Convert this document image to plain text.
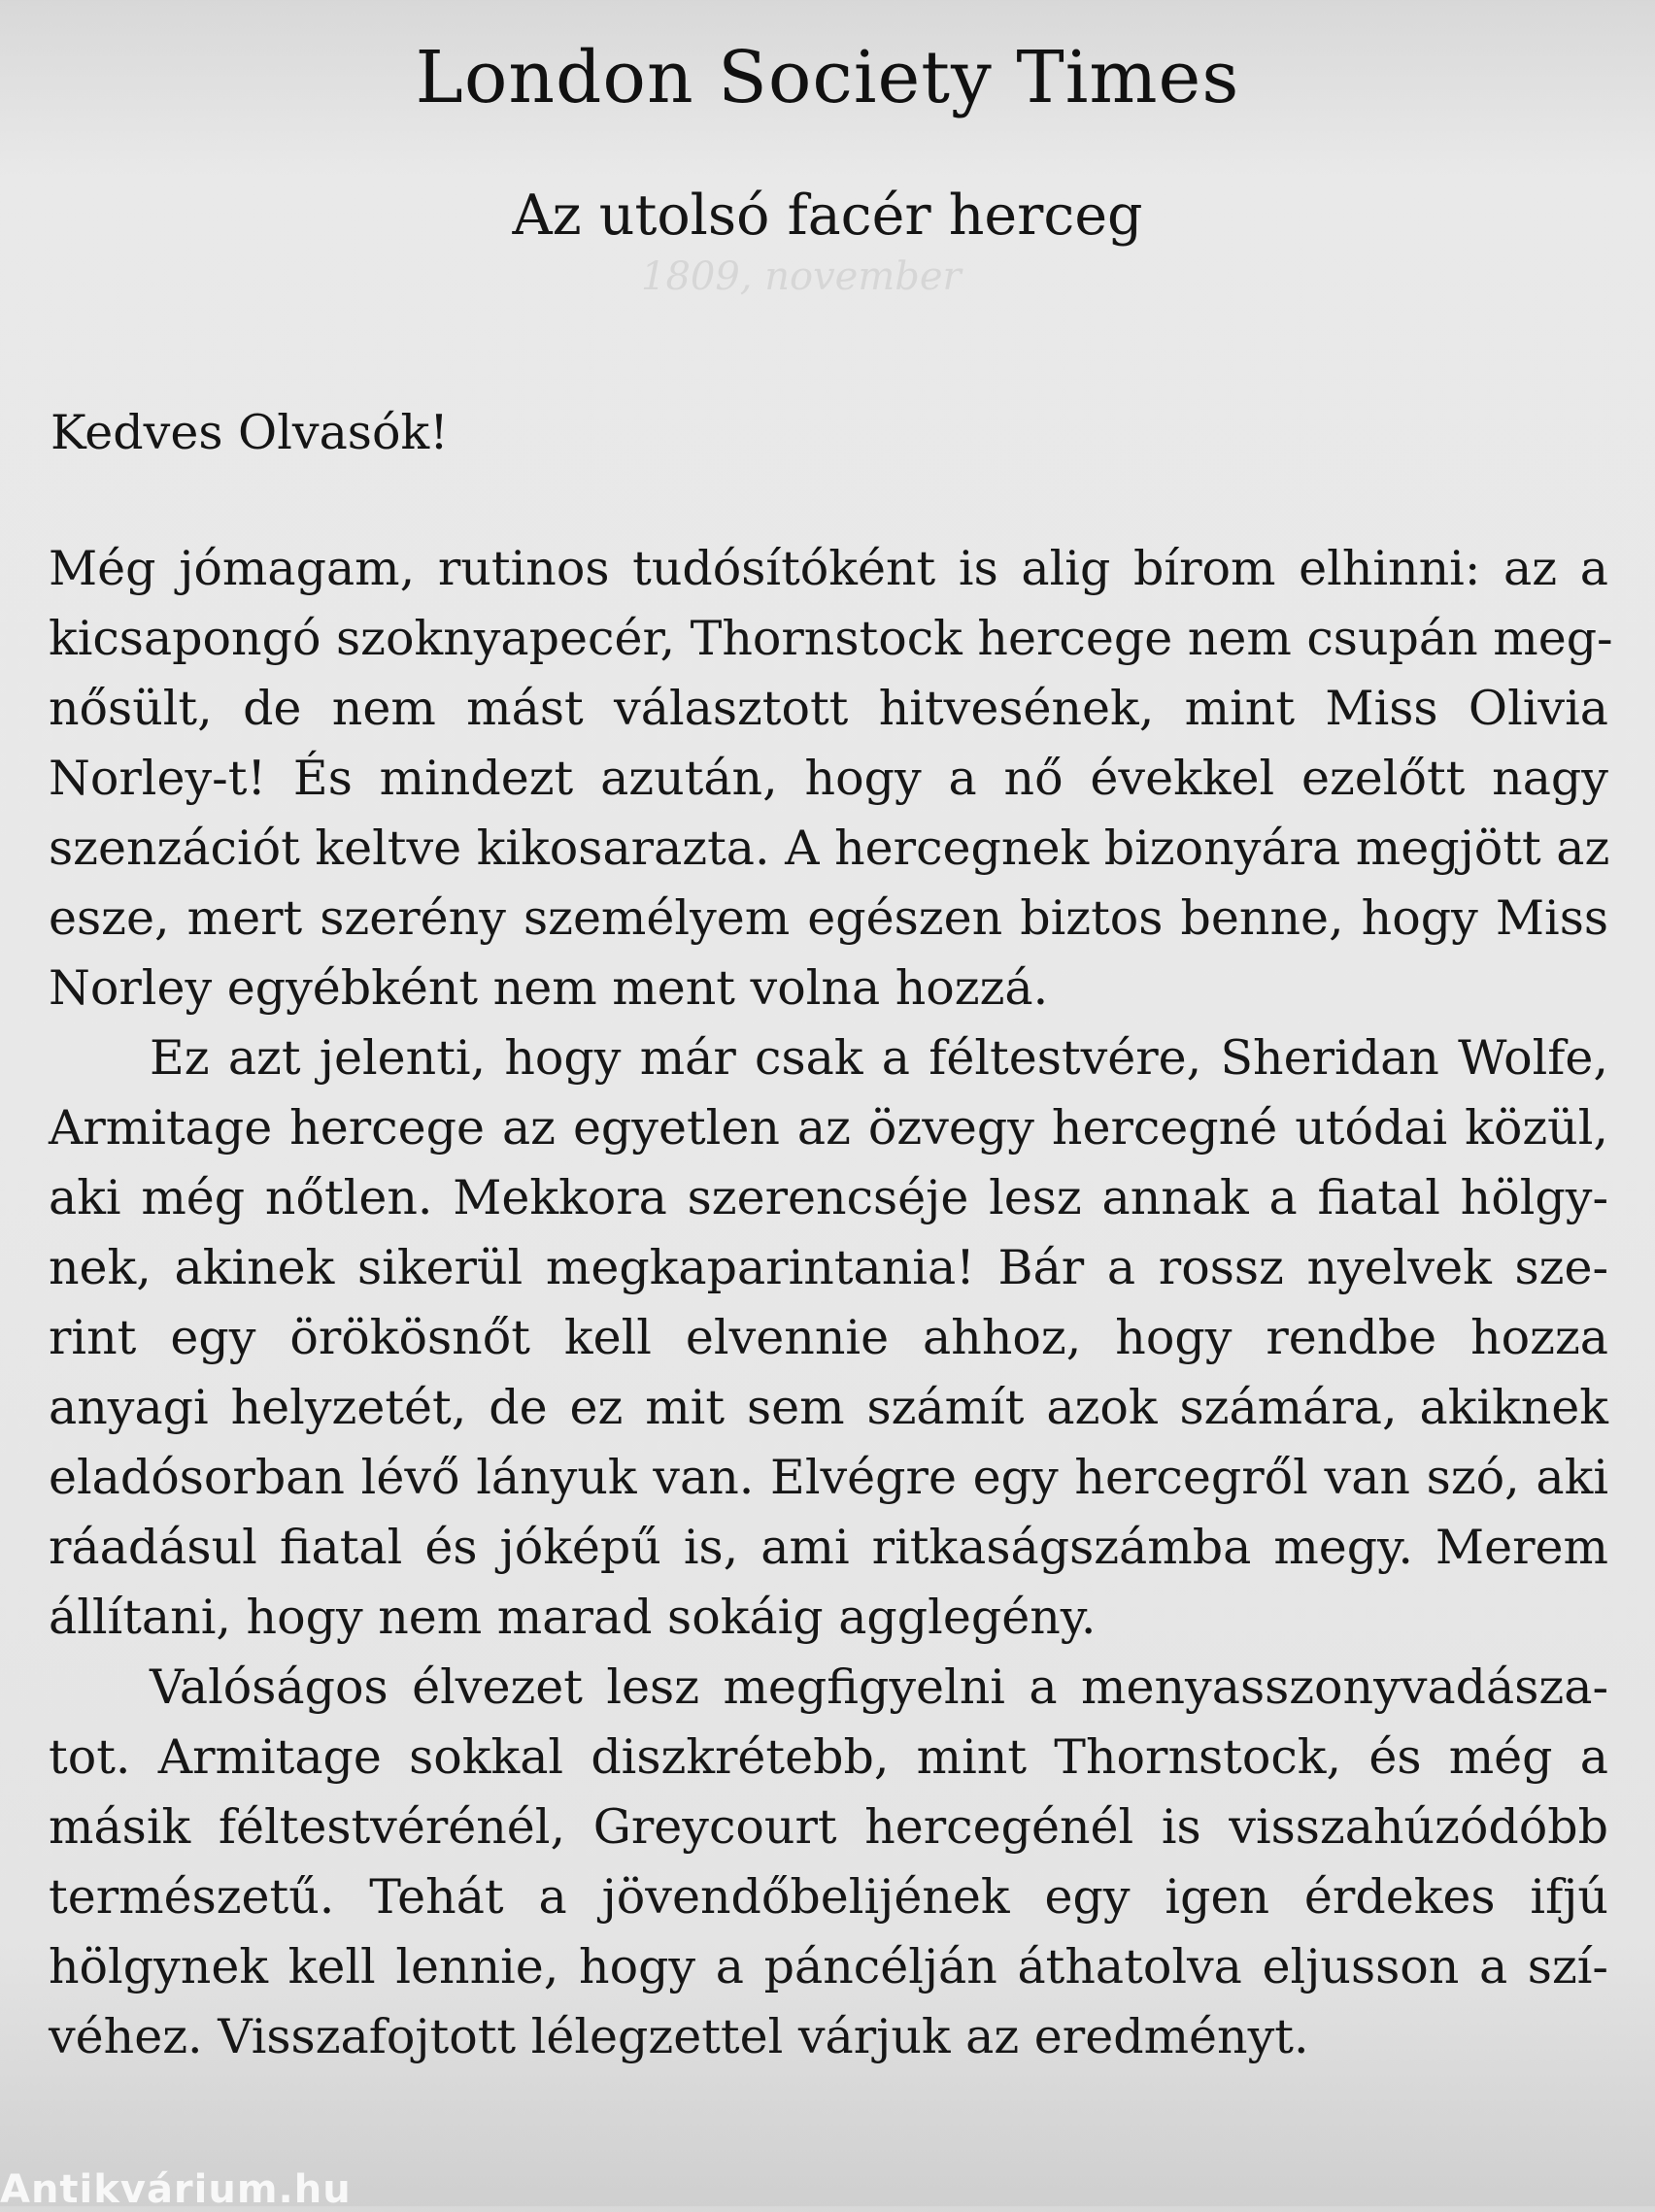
London Society Times
Az utolsó facér herceg
1809, november
Kedves Olvasók!
Még jómagam, rutinos tudósítóként is alig bírom elhinni: az a
kicsapongó szoknyapecér, Thornstock hercege nem csupán meg-
nősült, de nem mást választott hitvesének, mint Miss Olivia
Norley-t! És mindezt azután, hogy a nő évekkel ezelőtt nagy
szenzációt keltve kikosarazta. A hercegnek bizonyára megjött az
esze, mert szerény személyem egészen biztos benne, hogy Miss
Norley egyébként nem ment volna hozzá.
Ez azt jelenti, hogy már csak a féltestvére, Sheridan Wolfe,
Armitage hercege az egyetlen az özvegy hercegné utódai közül,
aki még nőtlen. Mekkora szerencséje lesz annak a fiatal hölgy-
nek, akinek sikerül megkaparintania! Bár a rossz nyelvek sze-
rint egy örökösnőt kell elvennie ahhoz, hogy rendbe hozza
anyagi helyzetét, de ez mit sem számít azok számára, akiknek
eladósorban lévő lányuk van. Elvégre egy hercegről van szó, aki
ráadásul fiatal és jóképű is, ami ritkaságszámba megy. Merem
állítani, hogy nem marad sokáig agglegény.
Valóságos élvezet lesz megfigyelni a menyasszonyvadásza-
tot. Armitage sokkal diszkrétebb, mint Thornstock, és még a
másik féltestvérénél, Greycourt hercegénél is visszahúzódóbb
természetű. Tehát a jövendőbelijének egy igen érdekes ifjú
hölgynek kell lennie, hogy a páncélján áthatolva eljusson a szí-
véhez. Visszafojtott lélegzettel várjuk az eredményt.
Antikvárium.hu
